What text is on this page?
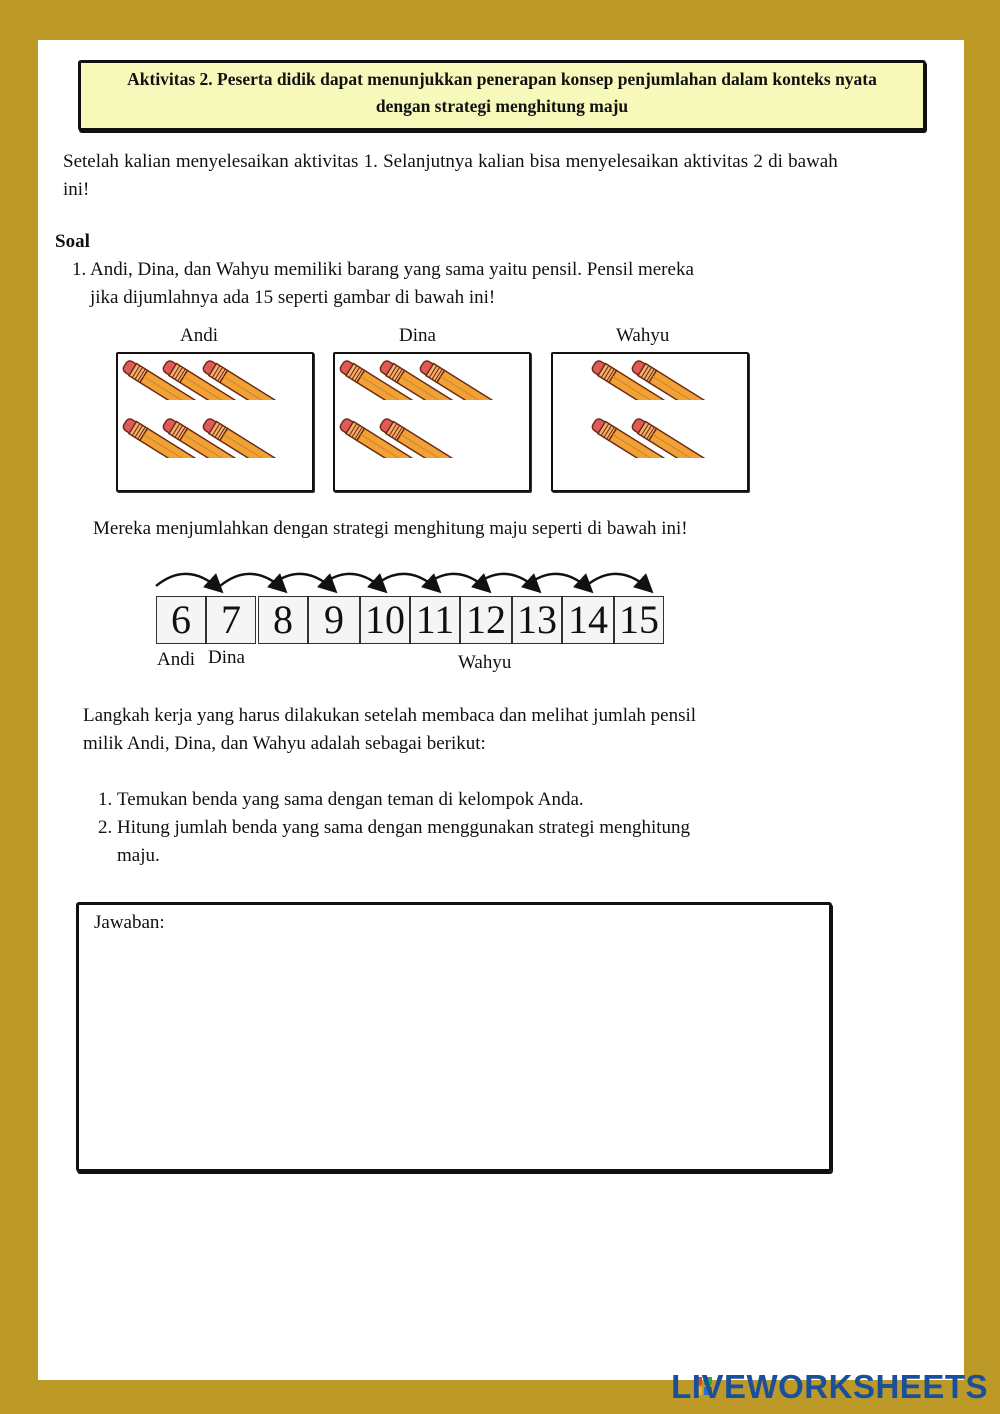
Aktivitas 2. Peserta didik dapat menunjukkan penerapan konsep penjumlahan dalam konteks nyata
dengan strategi menghitung maju
Setelah kalian menyelesaikan aktivitas 1. Selanjutnya kalian bisa menyelesaikan aktivitas 2 di bawah
ini!
Soal
1. Andi, Dina, dan Wahyu memiliki barang yang sama yaitu pensil. Pensil mereka
jika dijumlahnya ada 15 seperti gambar di bawah ini!
Andi	Dina	Wahyu
Mereka menjumlahkan dengan strategi menghitung maju seperti di bawah ini!
6 7 8 9 10 11 12 13 14 15
Andi Dina	Wahyu
Langkah kerja yang harus dilakukan setelah membaca dan melihat jumlah pensil
milik Andi, Dina, dan Wahyu adalah sebagai berikut:
1. Temukan benda yang sama dengan teman di kelompok Anda.
2. Hitung jumlah benda yang sama dengan menggunakan strategi menghitung
maju.
Jawaban:
LIVEWORKSHEETS
